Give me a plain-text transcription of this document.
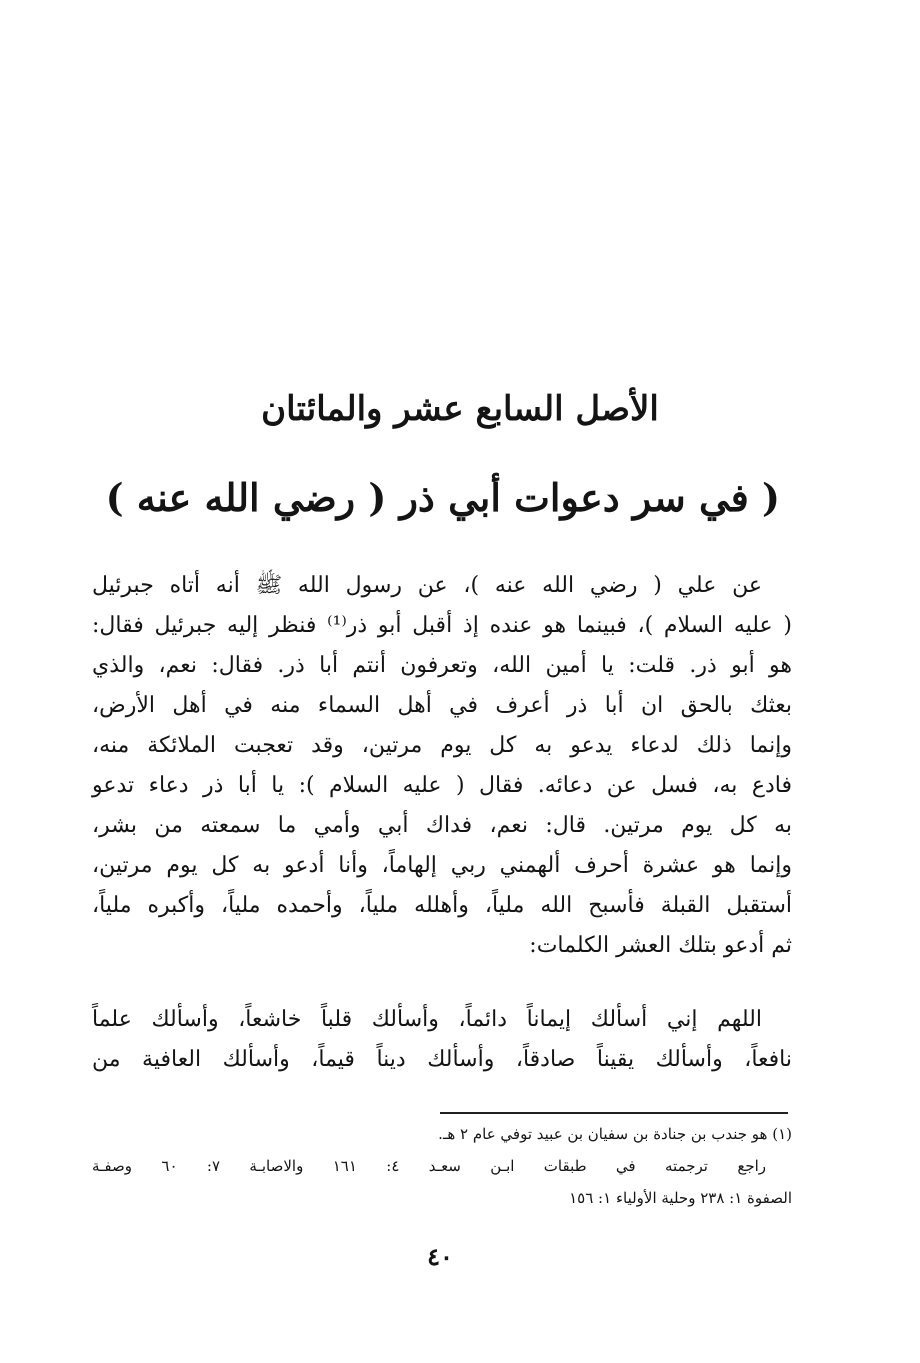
الأصل السابع عشر والمائتان
( في سر دعوات أبي ذر ( رضي الله عنه )
عن علي ( رضي الله عنه )، عن رسول الله ﷺ أنه أتاه جبرئيل
( عليه السلام )، فبينما هو عنده إذ أقبل أبو ذر⁽¹⁾ فنظر إليه جبرئيل فقال:
هو أبو ذر. قلت: يا أمين الله، وتعرفون أنتم أبا ذر. فقال: نعم، والذي
بعثك بالحق ان أبا ذر أعرف في أهل السماء منه في أهل الأرض،
وإنما ذلك لدعاء يدعو به كل يوم مرتين، وقد تعجبت الملائكة منه،
فادع به، فسل عن دعائه. فقال ( عليه السلام ): يا أبا ذر دعاء تدعو
به كل يوم مرتين. قال: نعم، فداك أبي وأمي ما سمعته من بشر،
وإنما هو عشرة أحرف ألهمني ربي إلهاماً، وأنا أدعو به كل يوم مرتين،
أستقبل القبلة فأسبح الله ملياً، وأهلله ملياً، وأحمده ملياً، وأكبره ملياً،
ثم أدعو بتلك العشر الكلمات:
اللهم إني أسألك إيماناً دائماً، وأسألك قلباً خاشعاً، وأسألك علماً
نافعاً، وأسألك يقيناً صادقاً، وأسألك ديناً قيماً، وأسألك العافية من
(١) هو جندب بن جنادة بن سفيان بن عبيد توفي عام ٢ هـ.
راجع ترجمته في طبقات ابـن سعـد ٤: ١٦١ والاصابـة ٧: ٦٠ وصفـة
الصفوة ١: ٢٣٨ وحلية الأولياء ١: ١٥٦
٤٠
